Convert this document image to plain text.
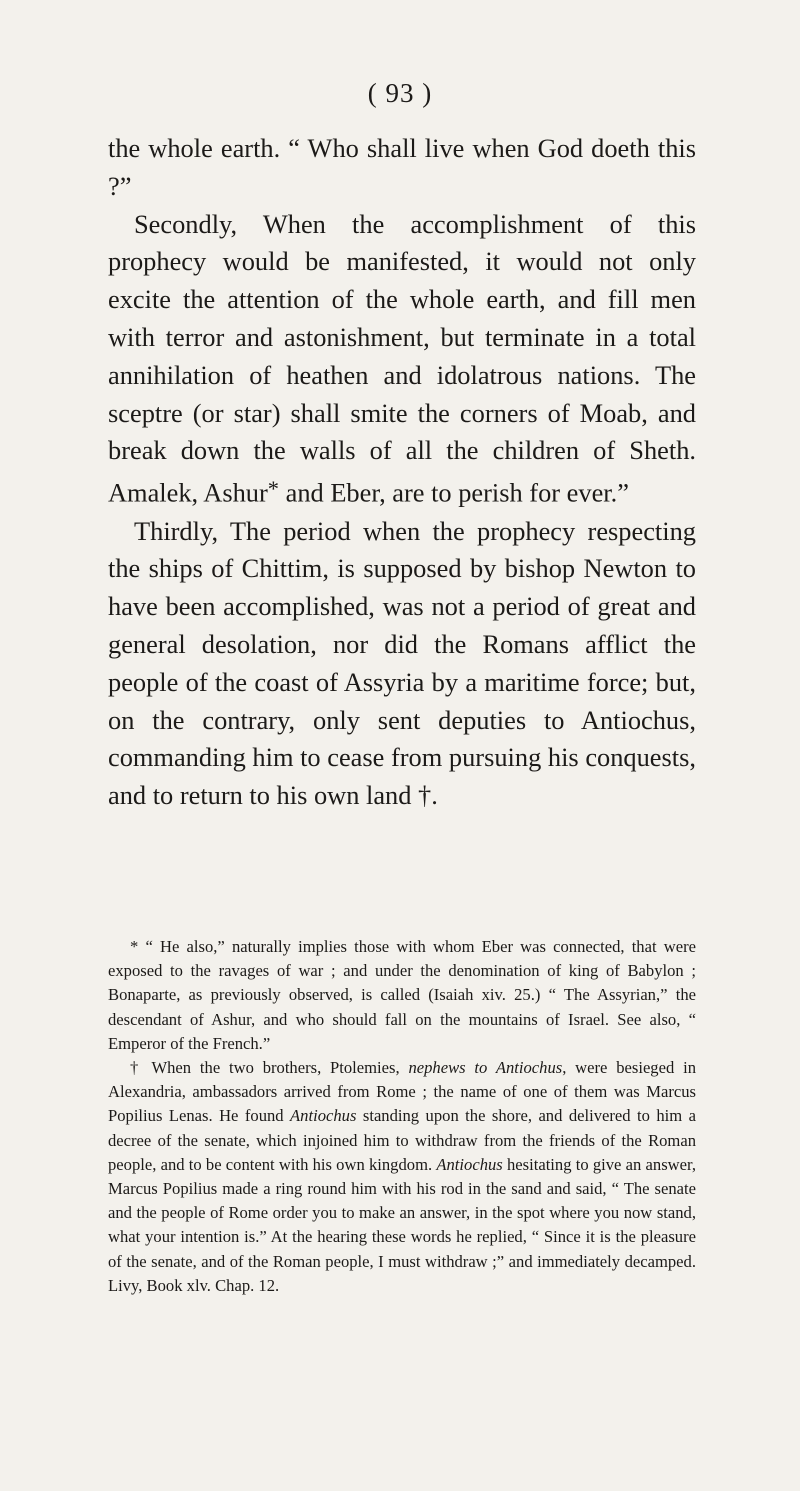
( 93 )

the whole earth. “ Who shall live when God doeth this ?”

Secondly, When the accomplishment of this prophecy would be manifested, it would not only excite the attention of the whole earth, and fill men with terror and astonishment, but terminate in a total annihilation of heathen and idolatrous nations. The sceptre (or star) shall smite the corners of Moab, and break down the walls of all the children of Sheth. Amalek, Ashur* and Eber, are to perish for ever.”

Thirdly, The period when the prophecy respecting the ships of Chittim, is supposed by bishop Newton to have been accomplished, was not a period of great and general desolation, nor did the Romans afflict the people of the coast of Assyria by a maritime force; but, on the contrary, only sent deputies to Antiochus, commanding him to cease from pursuing his conquests, and to return to his own land †.

* “ He also,” naturally implies those with whom Eber was connected, that were exposed to the ravages of war ; and under the denomination of king of Babylon ; Bonaparte, as previously observed, is called (Isaiah xiv. 25.) “ The Assyrian,” the descendant of Ashur, and who should fall on the mountains of Israel. See also, “ Emperor of the French.”

† When the two brothers, Ptolemies, nephews to Antiochus, were besieged in Alexandria, ambassadors arrived from Rome ; the name of one of them was Marcus Popilius Lenas. He found Antiochus standing upon the shore, and delivered to him a decree of the senate, which injoined him to withdraw from the friends of the Roman people, and to be content with his own kingdom. Antiochus hesitating to give an answer, Marcus Popilius made a ring round him with his rod in the sand and said, “ The senate and the people of Rome order you to make an answer, in the spot where you now stand, what your intention is.” At the hearing these words he replied, “ Since it is the pleasure of the senate, and of the Roman people, I must withdraw ;” and immediately decamped. Livy, Book xlv. Chap. 12.
